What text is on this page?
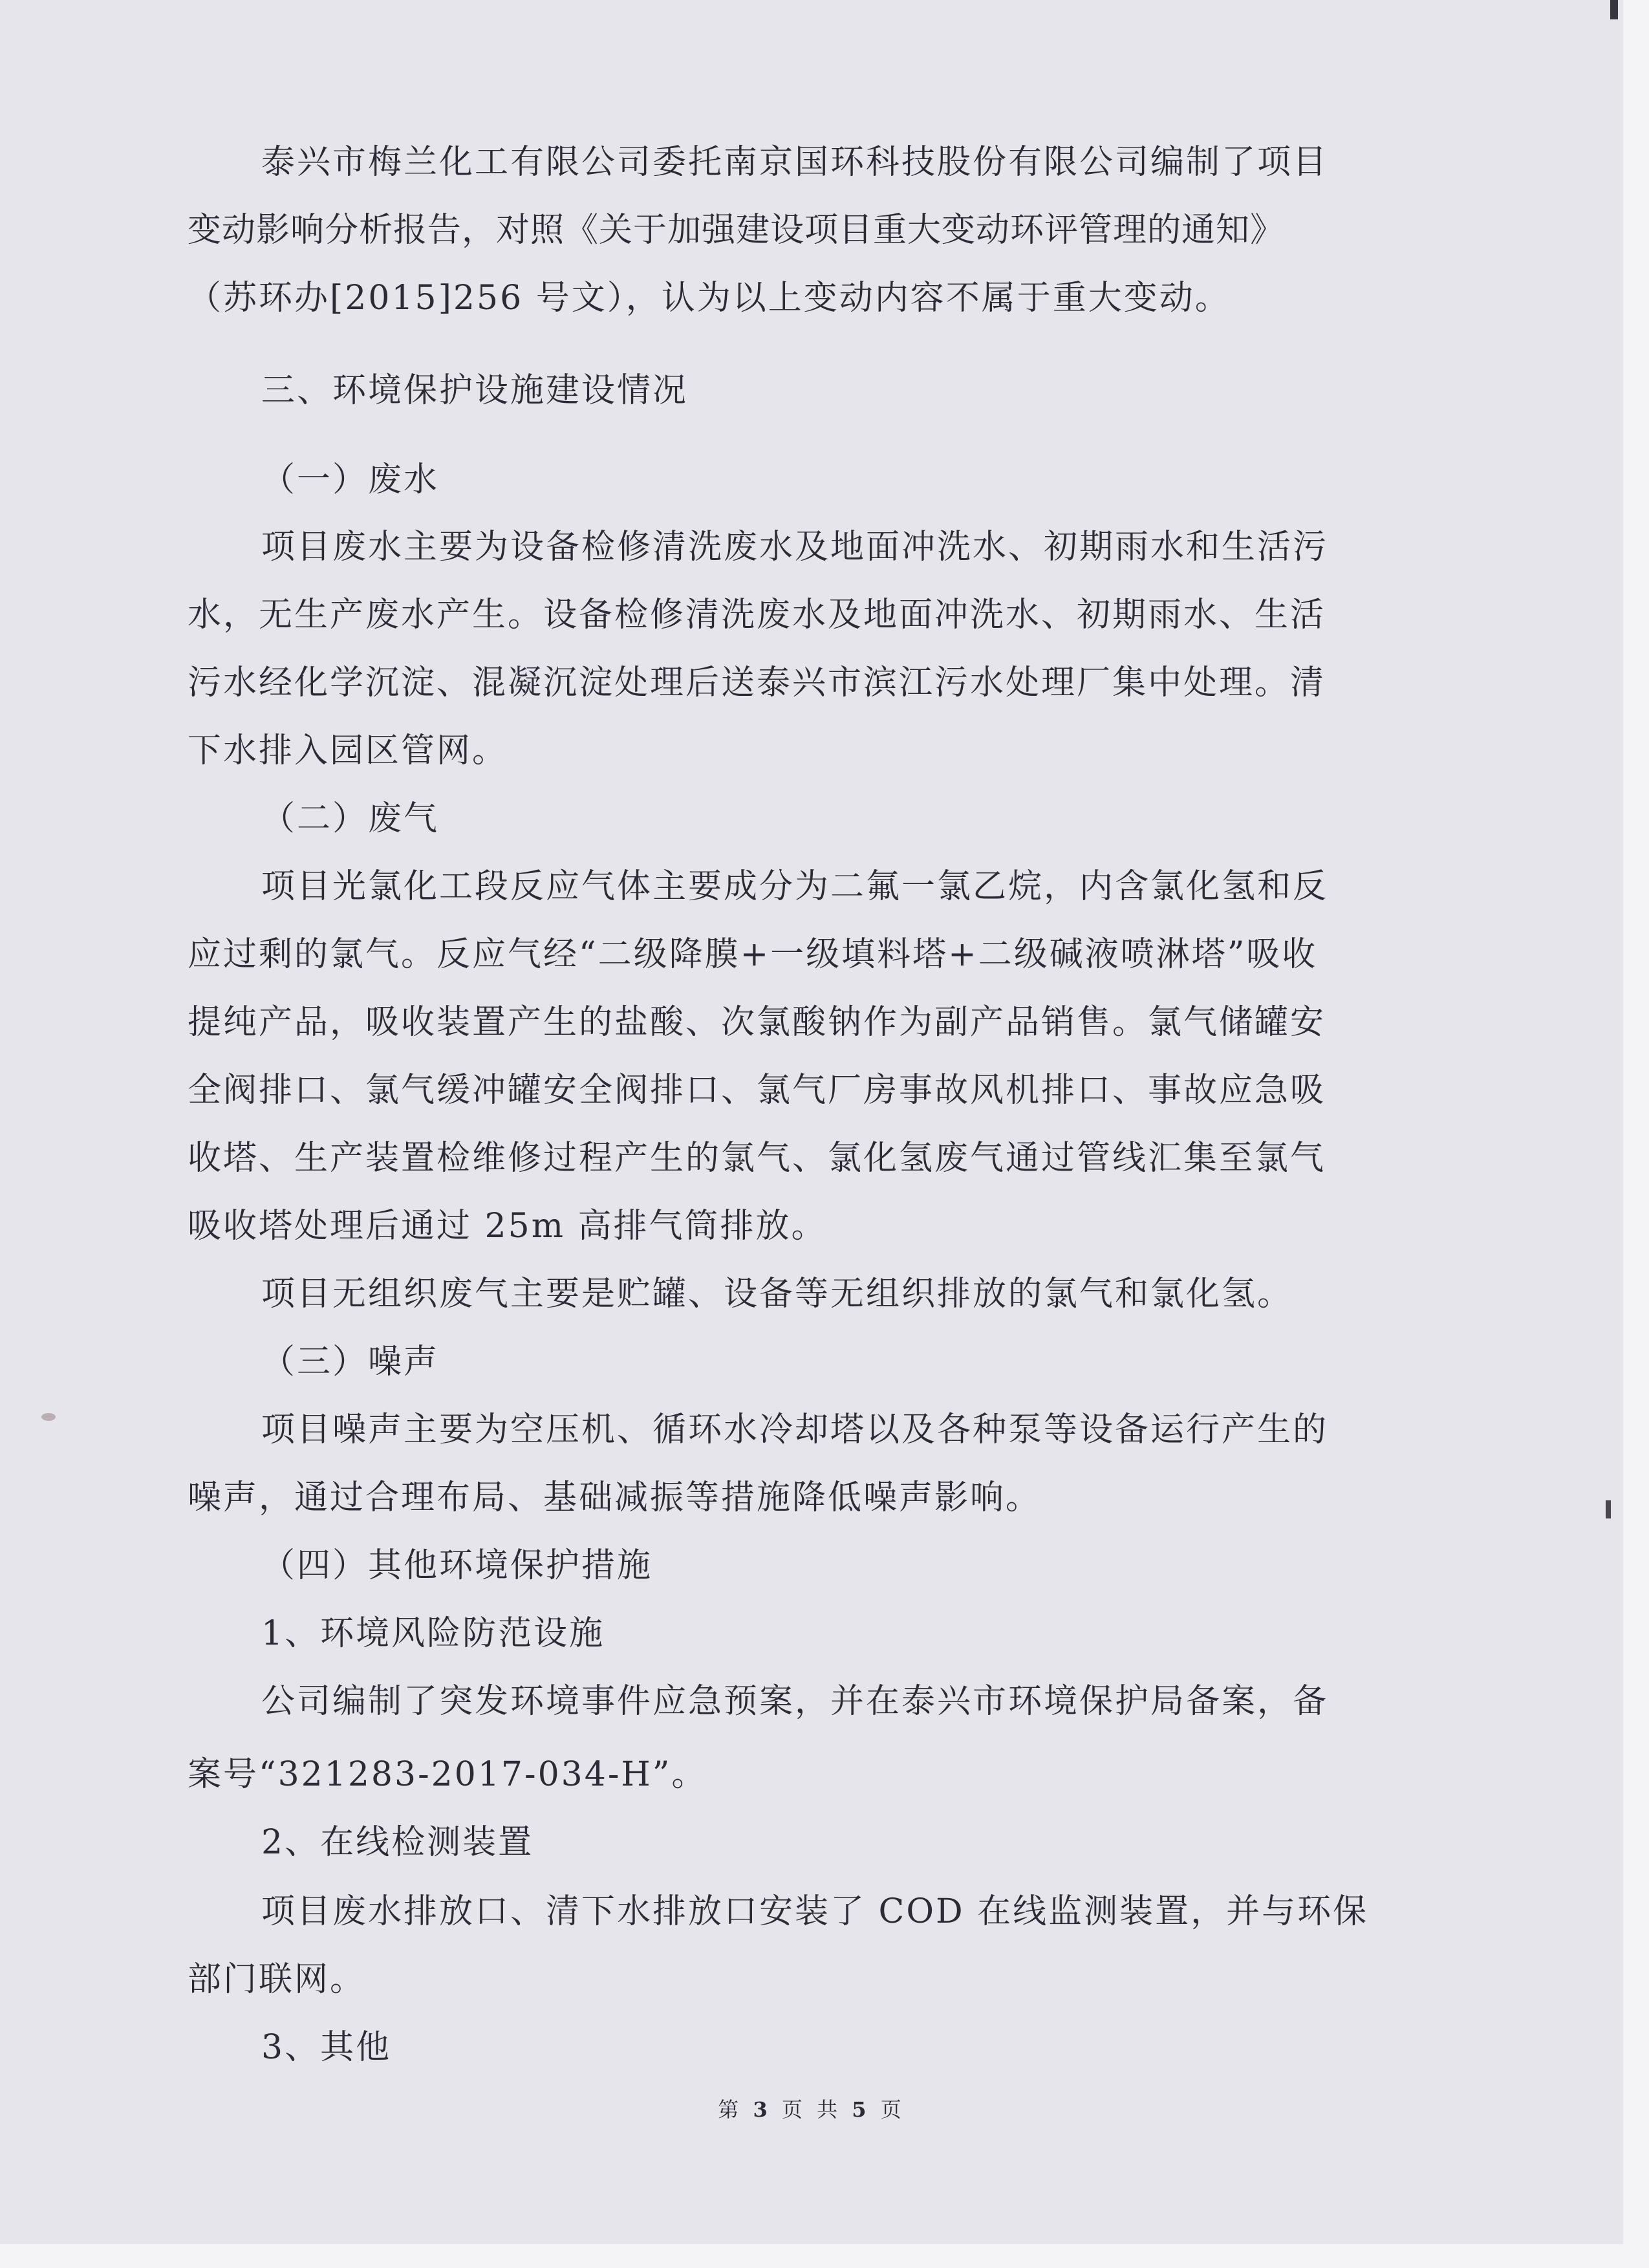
泰兴市梅兰化工有限公司委托南京国环科技股份有限公司编制了项目

变动影响分析报告，对照《关于加强建设项目重大变动环评管理的通知》

（苏环办[2015]256 号文），认为以上变动内容不属于重大变动。

三、环境保护设施建设情况
（一）废水

项目废水主要为设备检修清洗废水及地面冲洗水、初期雨水和生活污

水，无生产废水产生。设备检修清洗废水及地面冲洗水、初期雨水、生活

污水经化学沉淀、混凝沉淀处理后送泰兴市滨江污水处理厂集中处理。清

下水排入园区管网。

（二）废气

项目光氯化工段反应气体主要成分为二氟一氯乙烷，内含氯化氢和反

应过剩的氯气。反应气经“二级降膜+一级填料塔+二级碱液喷淋塔”吸收

提纯产品，吸收装置产生的盐酸、次氯酸钠作为副产品销售。氯气储罐安

全阀排口、氯气缓冲罐安全阀排口、氯气厂房事故风机排口、事故应急吸

收塔、生产装置检维修过程产生的氯气、氯化氢废气通过管线汇集至氯气

吸收塔处理后通过 25m 高排气筒排放。

项目无组织废气主要是贮罐、设备等无组织排放的氯气和氯化氢。

（三）噪声

项目噪声主要为空压机、循环水冷却塔以及各种泵等设备运行产生的

噪声，通过合理布局、基础减振等措施降低噪声影响。

（四）其他环境保护措施
1、环境风险防范设施

公司编制了突发环境事件应急预案，并在泰兴市环境保护局备案，备

案号“321283-2017-034-H”。

2、在线检测装置

项目废水排放口、清下水排放口安装了 COD 在线监测装置，并与环保

部门联网。

3、其他
第 3 页 共 5 页
